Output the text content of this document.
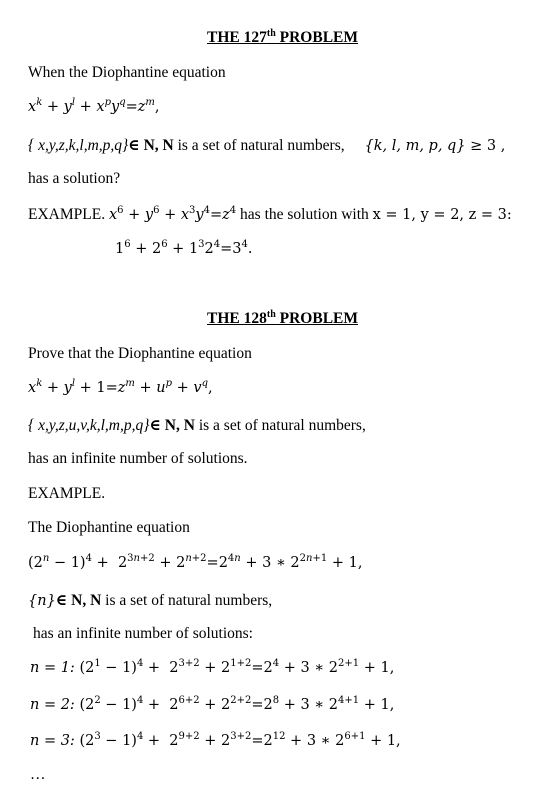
THE 127th PROBLEM
When the Diophantine equation
$x^k + y^l + x^py^q=z^m$,
{ x,y,z,k,l,m,p,q}∈ N, N is a set of natural numbers, {k, l, m, p, q} ≥ 3 ,
has a solution?
EXAMPLE. $x^6 + y^6 + x^3y^4=z^4$ has the solution with x = 1, y = 2, z = 3:
$1^6 + 2^6 + 1^32^4=3^4$.
THE 128th PROBLEM
Prove that the Diophantine equation
$x^k + y^l + 1=z^m + u^p + v^q$,
{ x,y,z,u,v,k,l,m,p,q}∈ N, N is a set of natural numbers,
has an infinite number of solutions.
EXAMPLE.
The Diophantine equation
$(2^n - 1)^4 + 2^{3n+2} + 2^{n+2}=2^{4n} + 3$ ∗ $2^{2n+1} + 1$,
{n}∈ N, N is a set of natural numbers,
has an infinite number of solutions:
n = 1: $(2^1 - 1)^4 + 2^{3+2} + 2^{1+2}=2^4 + 3$ ∗ $2^{2+1} + 1$,
n = 2: $(2^2 - 1)^4 + 2^{6+2} + 2^{2+2}=2^8 + 3$ ∗ $2^{4+1} + 1$,
n = 3: $(2^3 - 1)^4 + 2^{9+2} + 2^{3+2}=2^{12} + 3$ ∗ $2^{6+1} + 1$,
…
